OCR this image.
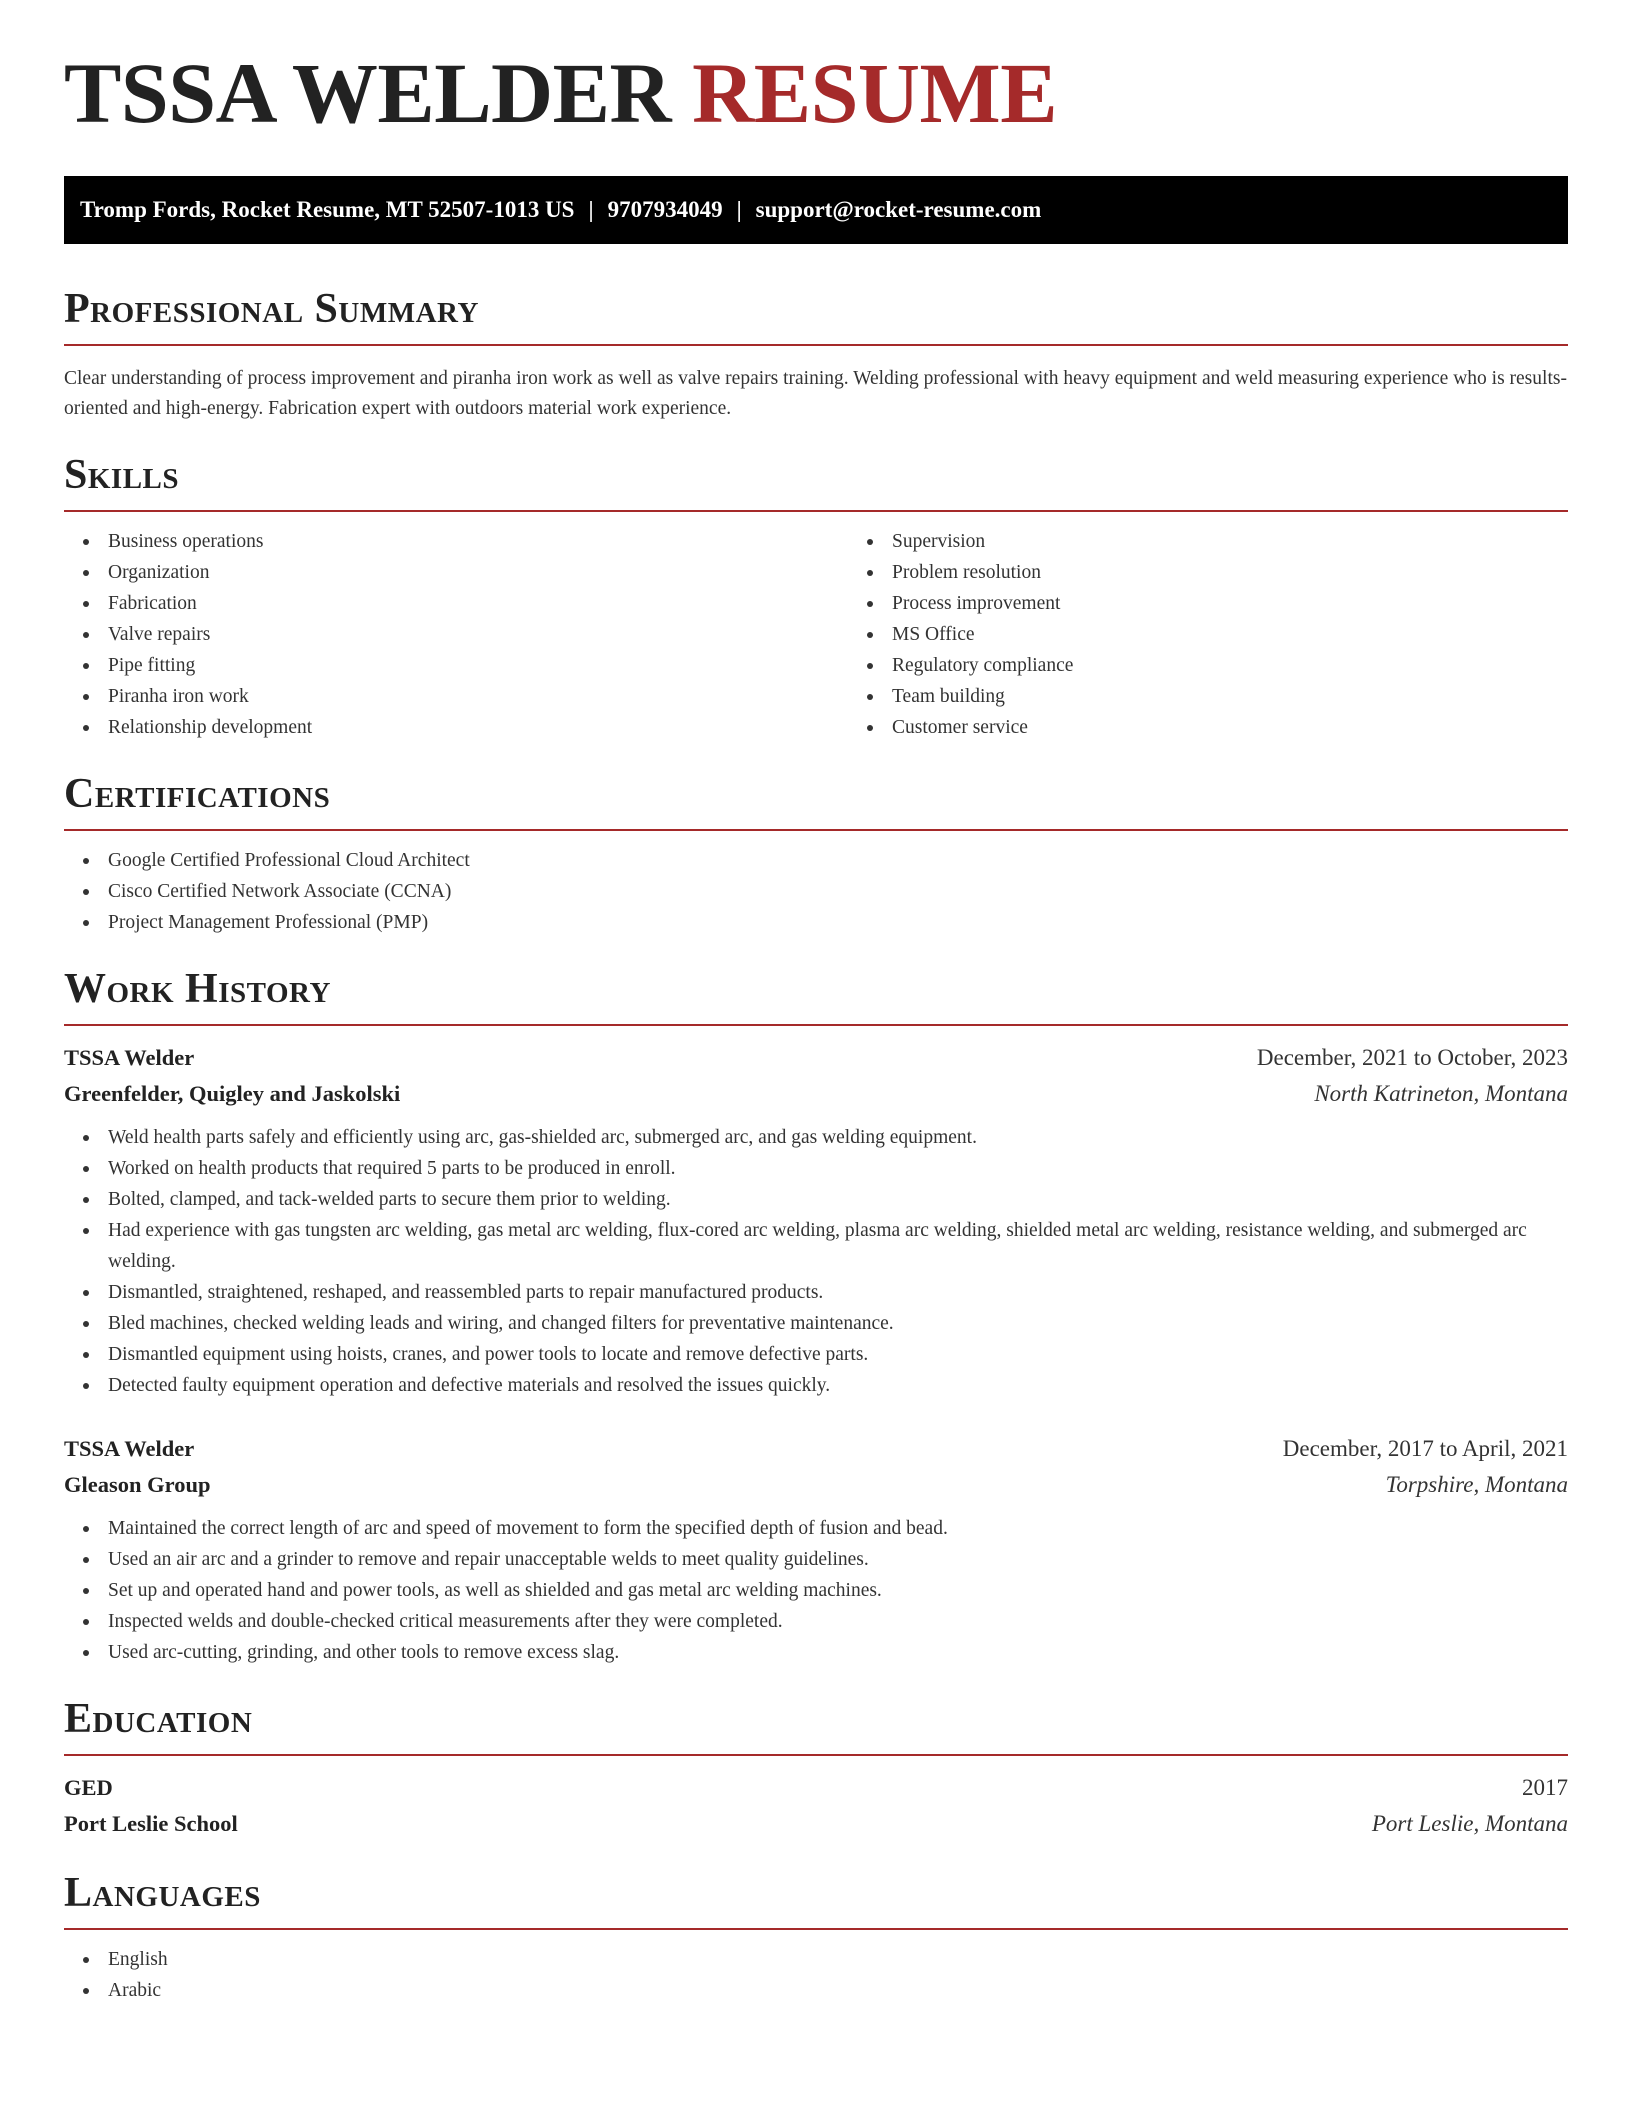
TSSA WELDER RESUME
Tromp Fords, Rocket Resume, MT 52507-1013 US | 9707934049 | support@rocket-resume.com
Professional Summary

Clear understanding of process improvement and piranha iron work as well as valve repairs training. Welding professional with heavy equipment and weld measuring experience who is results-oriented and high-energy. Fabrication expert with outdoors material work experience.

Skills
Business operations
Organization
Fabrication
Valve repairs
Pipe fitting
Piranha iron work
Relationship development
Supervision
Problem resolution
Process improvement
MS Office
Regulatory compliance
Team building
Customer service
Certifications
Google Certified Professional Cloud Architect
Cisco Certified Network Associate (CCNA)
Project Management Professional (PMP)
Work History
TSSA Welder	December, 2021 to October, 2023
Greenfelder, Quigley and Jaskolski	North Katrineton, Montana
Weld health parts safely and efficiently using arc, gas-shielded arc, submerged arc, and gas welding equipment.
Worked on health products that required 5 parts to be produced in enroll.
Bolted, clamped, and tack-welded parts to secure them prior to welding.
Had experience with gas tungsten arc welding, gas metal arc welding, flux-cored arc welding, plasma arc welding, shielded metal arc welding, resistance welding, and submerged arc welding.
Dismantled, straightened, reshaped, and reassembled parts to repair manufactured products.
Bled machines, checked welding leads and wiring, and changed filters for preventative maintenance.
Dismantled equipment using hoists, cranes, and power tools to locate and remove defective parts.
Detected faulty equipment operation and defective materials and resolved the issues quickly.
TSSA Welder	December, 2017 to April, 2021
Gleason Group	Torpshire, Montana
Maintained the correct length of arc and speed of movement to form the specified depth of fusion and bead.
Used an air arc and a grinder to remove and repair unacceptable welds to meet quality guidelines.
Set up and operated hand and power tools, as well as shielded and gas metal arc welding machines.
Inspected welds and double-checked critical measurements after they were completed.
Used arc-cutting, grinding, and other tools to remove excess slag.
Education
GED	2017
Port Leslie School	Port Leslie, Montana
Languages
English
Arabic
